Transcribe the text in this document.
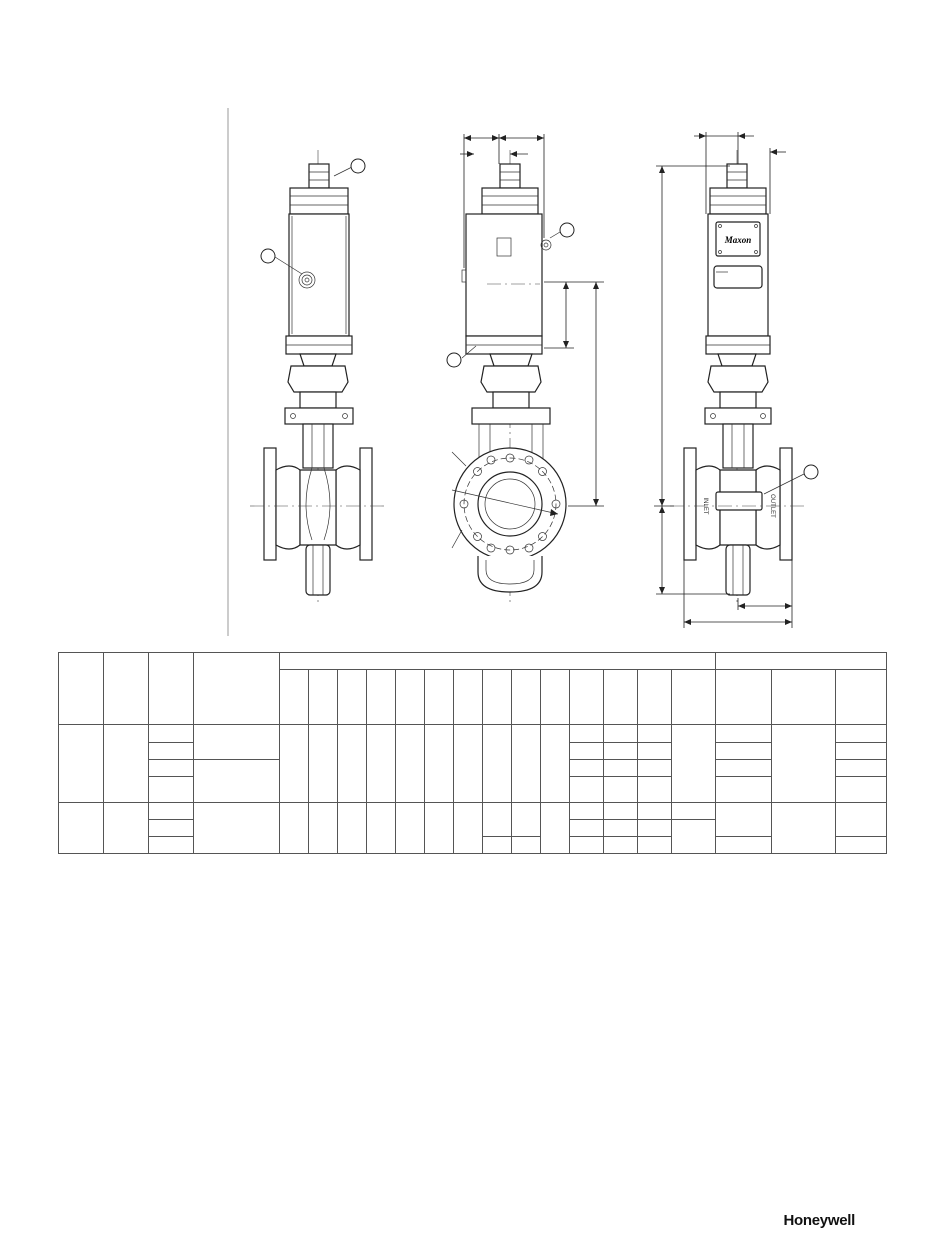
Maxon
INLET	OUTLET

Honeywell
